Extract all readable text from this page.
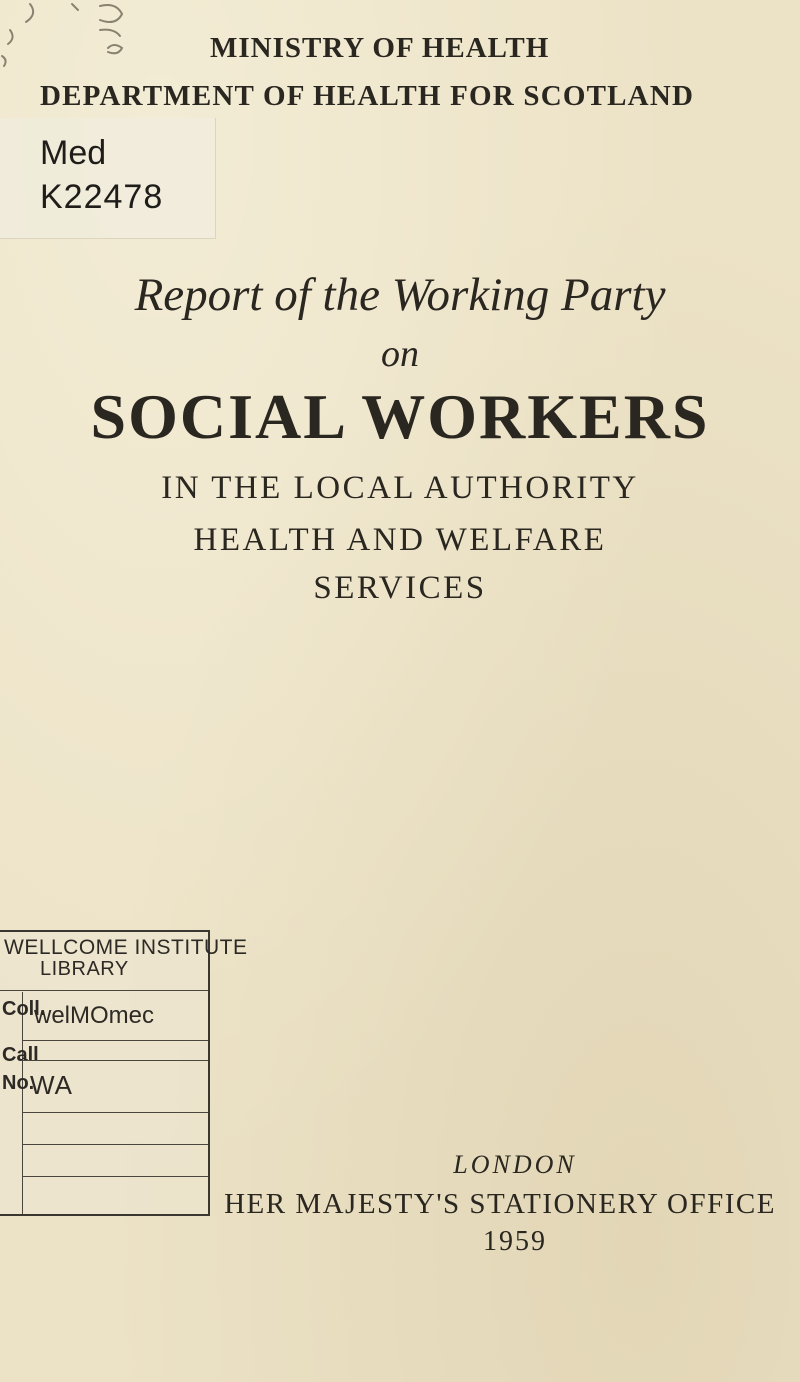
MINISTRY OF HEALTH
DEPARTMENT OF HEALTH FOR SCOTLAND
Med
K22478
Report of the Working Party
on
SOCIAL WORKERS
IN THE LOCAL AUTHORITY
HEALTH AND WELFARE
SERVICES
WELLCOME INSTITUTE
LIBRARY
Coll.
welMOmec
Call
No.
WA
LONDON
HER MAJESTY'S STATIONERY OFFICE
1959
